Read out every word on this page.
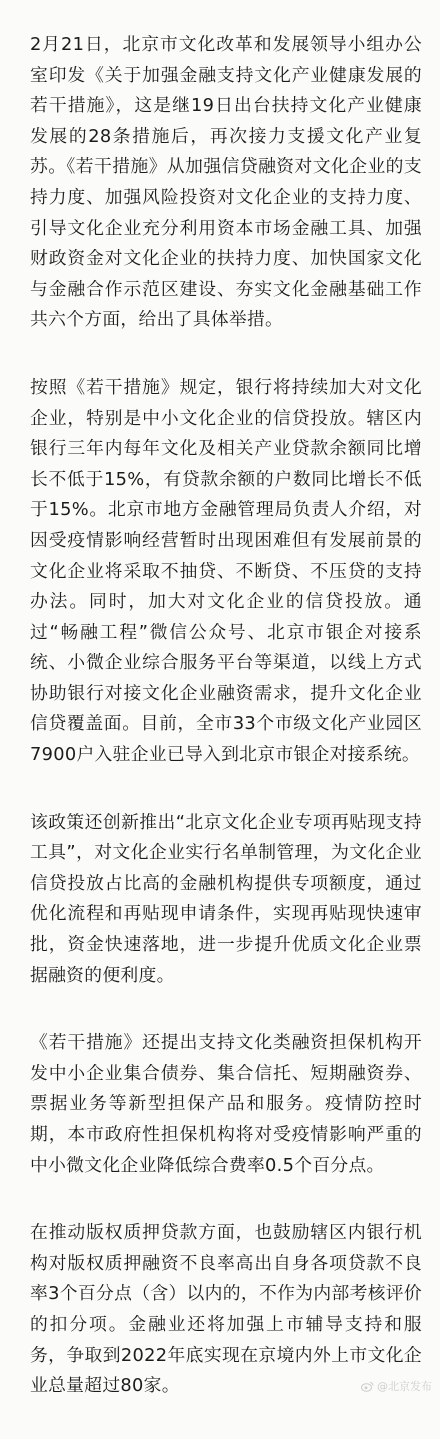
2月21日，北京市文化改革和发展领导小组办公室印发《关于加强金融支持文化产业健康发展的若干措施》，这是继19日出台扶持文化产业健康发展的28条措施后，再次接力支援文化产业复苏。《若干措施》从加强信贷融资对文化企业的支持力度、加强风险投资对文化企业的支持力度、引导文化企业充分利用资本市场金融工具、加强财政资金对文化企业的扶持力度、加快国家文化与金融合作示范区建设、夯实文化金融基础工作共六个方面，给出了具体举措。

按照《若干措施》规定，银行将持续加大对文化企业，特别是中小文化企业的信贷投放。辖区内银行三年内每年文化及相关产业贷款余额同比增长不低于15%，有贷款余额的户数同比增长不低于15%。北京市地方金融管理局负责人介绍，对因受疫情影响经营暂时出现困难但有发展前景的文化企业将采取不抽贷、不断贷、不压贷的支持办法。同时，加大对文化企业的信贷投放。通过“畅融工程”微信公众号、北京市银企对接系统、小微企业综合服务平台等渠道，以线上方式协助银行对接文化企业融资需求，提升文化企业信贷覆盖面。目前，全市33个市级文化产业园区7900户入驻企业已导入到北京市银企对接系统。

该政策还创新推出“北京文化企业专项再贴现支持工具”，对文化企业实行名单制管理，为文化企业信贷投放占比高的金融机构提供专项额度，通过优化流程和再贴现申请条件，实现再贴现快速审批，资金快速落地，进一步提升优质文化企业票据融资的便利度。

《若干措施》还提出支持文化类融资担保机构开发中小企业集合债券、集合信托、短期融资券、票据业务等新型担保产品和服务。疫情防控时期，本市政府性担保机构将对受疫情影响严重的中小微文化企业降低综合费率0.5个百分点。

在推动版权质押贷款方面，也鼓励辖区内银行机构对版权质押融资不良率高出自身各项贷款不良率3个百分点（含）以内的，不作为内部考核评价的扣分项。金融业还将加强上市辅导支持和服务，争取到2022年底实现在京境内外上市文化企业总量超过80家。	@北京发布
